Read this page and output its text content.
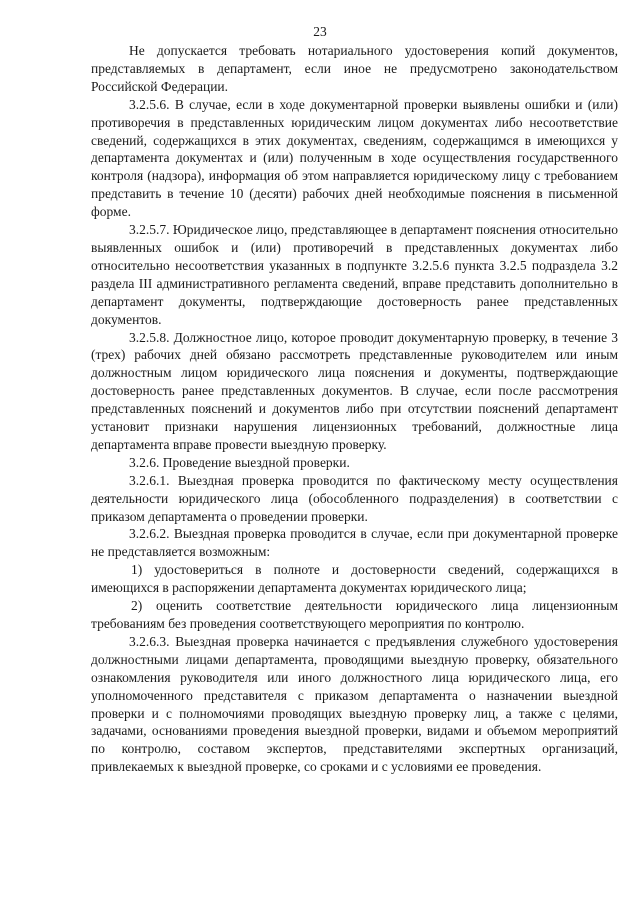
23

Не допускается требовать нотариального удостоверения копий документов, представляемых в департамент, если иное не предусмотрено законодательством Российской Федерации.

3.2.5.6. В случае, если в ходе документарной проверки выявлены ошибки и (или) противоречия в представленных юридическим лицом документах либо несоответствие сведений, содержащихся в этих документах, сведениям, содержащимся в имеющихся у департамента документах и (или) полученным в ходе осуществления государственного контроля (надзора), информация об этом направляется юридическому лицу с требованием представить в течение 10 (десяти) рабочих дней необходимые пояснения в письменной форме.

3.2.5.7. Юридическое лицо, представляющее в департамент пояснения относительно выявленных ошибок и (или) противоречий в представленных документах либо относительно несоответствия указанных в подпункте 3.2.5.6 пункта 3.2.5 подраздела 3.2 раздела III административного регламента сведений, вправе представить дополнительно в департамент документы, подтверждающие достоверность ранее представленных документов.

3.2.5.8. Должностное лицо, которое проводит документарную проверку, в течение 3 (трех) рабочих дней обязано рассмотреть представленные руководителем или иным должностным лицом юридического лица пояснения и документы, подтверждающие достоверность ранее представленных документов. В случае, если после рассмотрения представленных пояснений и документов либо при отсутствии пояснений департамент установит признаки нарушения лицензионных требований, должностные лица департамента вправе провести выездную проверку.

3.2.6. Проведение выездной проверки.

3.2.6.1. Выездная проверка проводится по фактическому месту осуществления деятельности юридического лица (обособленного подразделения) в соответствии с приказом департамента о проведении проверки.

3.2.6.2. Выездная проверка проводится в случае, если при документарной проверке не представляется возможным:

1) удостовериться в полноте и достоверности сведений, содержащихся в имеющихся в распоряжении департамента документах юридического лица;

2) оценить соответствие деятельности юридического лица лицензионным требованиям без проведения соответствующего мероприятия по контролю.

3.2.6.3. Выездная проверка начинается с предъявления служебного удостоверения должностными лицами департамента, проводящими выездную проверку, обязательного ознакомления руководителя или иного должностного лица юридического лица, его уполномоченного представителя с приказом департамента о назначении выездной проверки и с полномочиями проводящих выездную проверку лиц, а также с целями, задачами, основаниями проведения выездной проверки, видами и объемом мероприятий по контролю, составом экспертов, представителями экспертных организаций, привлекаемых к выездной проверке, со сроками и с условиями ее проведения.
